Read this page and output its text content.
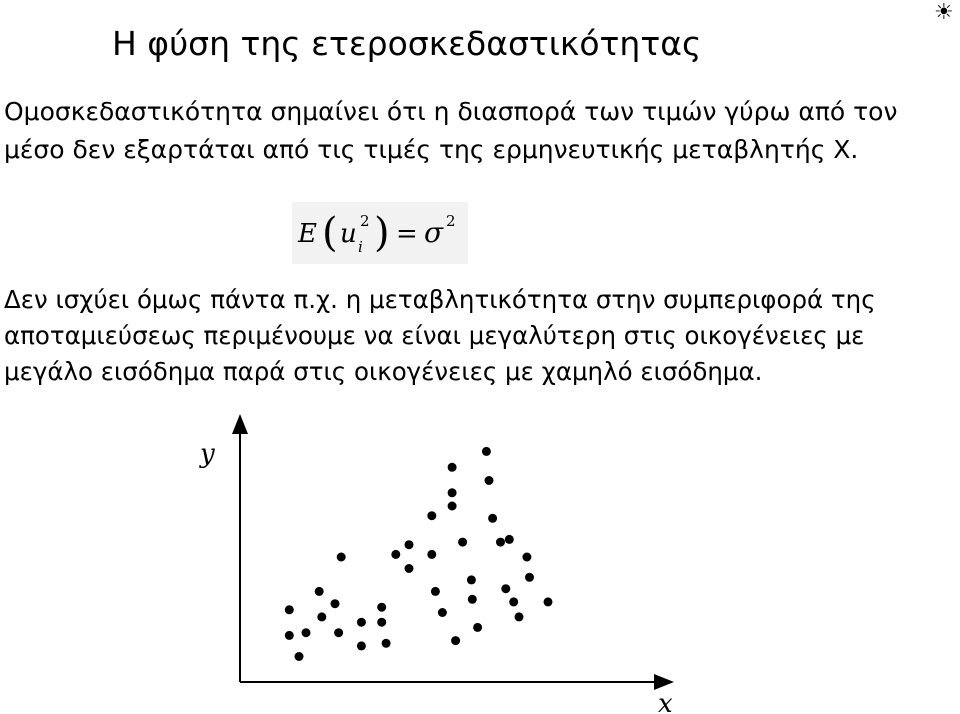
☀
Η φύση της ετεροσκεδαστικότητας

Ομοσκεδαστικότητα σημαίνει ότι η διασπορά των τιμών γύρω από τον μέσο δεν εξαρτάται από τις τιμές της ερμηνευτικής μεταβλητής X.

E ( u 2
i ) = σ 2

Δεν ισχύει όμως πάντα π.χ. η μεταβλητικότητα στην συμπεριφορά της αποταμιεύσεως περιμένουμε να είναι μεγαλύτερη στις οικογένειες με μεγάλο εισόδημα παρά στις οικογένειες με χαμηλό εισόδημα.

y
x
